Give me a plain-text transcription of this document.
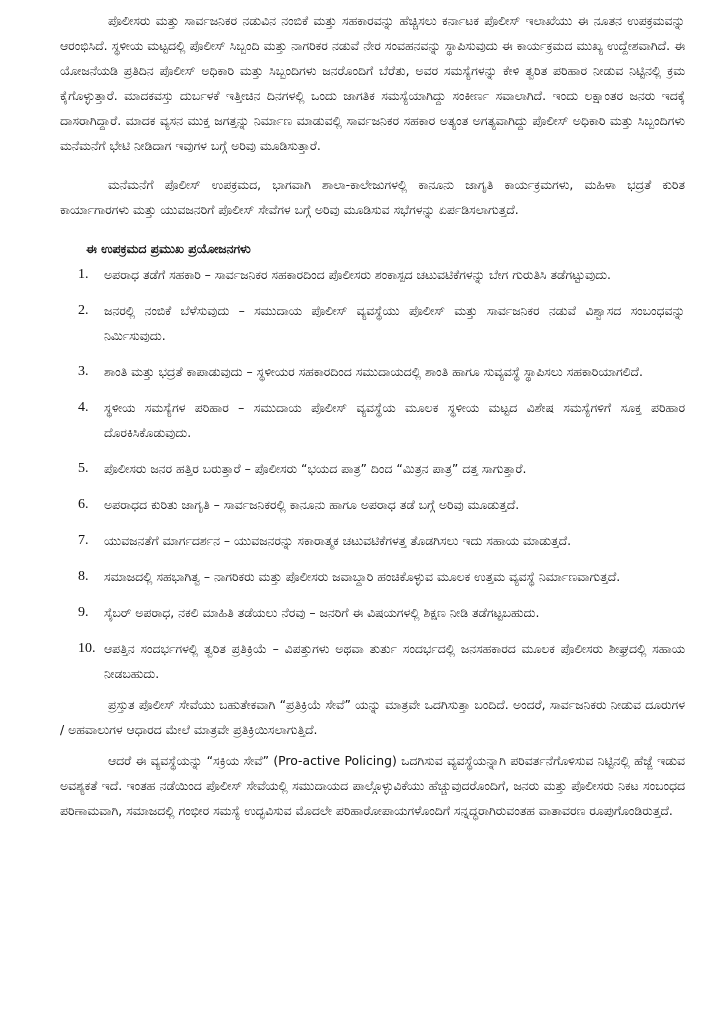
ಪೊಲೀಸರು ಮತ್ತು ಸಾರ್ವಜನಿಕರ ನಡುವಿನ ನಂಬಿಕೆ ಮತ್ತು ಸಹಕಾರವನ್ನು ಹೆಚ್ಚಿಸಲು ಕರ್ನಾಟಕ ಪೊಲೀಸ್ ಇಲಾಖೆಯು ಈ ನೂತನ ಉಪಕ್ರಮವನ್ನು ಆರಂಭಿಸಿದೆ. ಸ್ಥಳೀಯ ಮಟ್ಟದಲ್ಲಿ ಪೊಲೀಸ್ ಸಿಬ್ಬಂದಿ ಮತ್ತು ನಾಗರಿಕರ ನಡುವೆ ನೇರ ಸಂವಹನವನ್ನು ಸ್ಥಾಪಿಸುವುದು ಈ ಕಾರ್ಯಕ್ರಮದ ಮುಖ್ಯ ಉದ್ದೇಶವಾಗಿದೆ. ಈ ಯೋಜನೆಯಡಿ ಪ್ರತಿದಿನ ಪೊಲೀಸ್ ಅಧಿಕಾರಿ ಮತ್ತು ಸಿಬ್ಬಂದಿಗಳು ಜನರೊಂದಿಗೆ ಬೆರೆತು, ಅವರ ಸಮಸ್ಯೆಗಳನ್ನು ಕೇಳಿ ತ್ವರಿತ ಪರಿಹಾರ ನೀಡುವ ನಿಟ್ಟಿನಲ್ಲಿ ಕ್ರಮ ಕೈಗೊಳ್ಳುತ್ತಾರೆ. ಮಾದಕವಸ್ತು ದುರ್ಬಳಕೆ ಇತ್ತೀಚಿನ ದಿನಗಳಲ್ಲಿ ಒಂದು ಜಾಗತಿಕ ಸಮಸ್ಯೆಯಾಗಿದ್ದು ಸಂಕೀರ್ಣ ಸವಾಲಾಗಿದೆ. ಇಂದು ಲಕ್ಷಾಂತರ ಜನರು ಇದಕ್ಕೆ ದಾಸರಾಗಿದ್ದಾರೆ. ಮಾದಕ ವ್ಯಸನ ಮುಕ್ತ ಜಗತ್ತನ್ನು ನಿರ್ಮಾಣ ಮಾಡುವಲ್ಲಿ ಸಾರ್ವಜನಿಕರ ಸಹಕಾರ ಅತ್ಯಂತ ಅಗತ್ಯವಾಗಿದ್ದು ಪೊಲೀಸ್ ಅಧಿಕಾರಿ ಮತ್ತು ಸಿಬ್ಬಂದಿಗಳು ಮನೆಮನೆಗೆ ಭೇಟಿ ನೀಡಿದಾಗ ಇವುಗಳ ಬಗ್ಗೆ ಅರಿವು ಮೂಡಿಸುತ್ತಾರೆ.

ಮನೆಮನೆಗೆ ಪೊಲೀಸ್ ಉಪಕ್ರಮದ, ಭಾಗವಾಗಿ ಶಾಲಾ-ಕಾಲೇಜುಗಳಲ್ಲಿ ಕಾನೂನು ಜಾಗೃತಿ ಕಾರ್ಯಕ್ರಮಗಳು, ಮಹಿಳಾ ಭದ್ರತೆ ಕುರಿತ ಕಾರ್ಯಾಗಾರಗಳು ಮತ್ತು ಯುವಜನರಿಗೆ ಪೊಲೀಸ್ ಸೇವೆಗಳ ಬಗ್ಗೆ ಅರಿವು ಮೂಡಿಸುವ ಸಭೆಗಳನ್ನು ಏರ್ಪಡಿಸಲಾಗುತ್ತದೆ.

ಈ ಉಪಕ್ರಮದ ಪ್ರಮುಖ ಪ್ರಯೋಜನಗಳು
1. ಅಪರಾಧ ತಡೆಗೆ ಸಹಕಾರಿ – ಸಾರ್ವಜನಿಕರ ಸಹಕಾರದಿಂದ ಪೊಲೀಸರು ಶಂಕಾಸ್ಪದ ಚಟುವಟಿಕೆಗಳನ್ನು ಬೇಗ ಗುರುತಿಸಿ ತಡೆಗಟ್ಟುವುದು.
2. ಜನರಲ್ಲಿ ನಂಬಿಕೆ ಬೆಳೆಸುವುದು – ಸಮುದಾಯ ಪೊಲೀಸ್ ವ್ಯವಸ್ಥೆಯು ಪೊಲೀಸ್ ಮತ್ತು ಸಾರ್ವಜನಿಕರ ನಡುವೆ ವಿಶ್ವಾಸದ ಸಂಬಂಧವನ್ನು ನಿರ್ಮಿಸುವುದು.
3. ಶಾಂತಿ ಮತ್ತು ಭದ್ರತೆ ಕಾಪಾಡುವುದು – ಸ್ಥಳೀಯರ ಸಹಕಾರದಿಂದ ಸಮುದಾಯದಲ್ಲಿ ಶಾಂತಿ ಹಾಗೂ ಸುವ್ಯವಸ್ಥೆ ಸ್ಥಾಪಿಸಲು ಸಹಕಾರಿಯಾಗಲಿದೆ.
4. ಸ್ಥಳೀಯ ಸಮಸ್ಯೆಗಳ ಪರಿಹಾರ – ಸಮುದಾಯ ಪೊಲೀಸ್ ವ್ಯವಸ್ಥೆಯ ಮೂಲಕ ಸ್ಥಳೀಯ ಮಟ್ಟದ ವಿಶೇಷ ಸಮಸ್ಯೆಗಳಿಗೆ ಸೂಕ್ತ ಪರಿಹಾರ ದೊರಕಿಸಿಕೊಡುವುದು.
5. ಪೊಲೀಸರು ಜನರ ಹತ್ತಿರ ಬರುತ್ತಾರೆ – ಪೊಲೀಸರು “ಭಯದ ಪಾತ್ರ” ದಿಂದ “ಮಿತ್ರನ ಪಾತ್ರ” ದತ್ತ ಸಾಗುತ್ತಾರೆ.
6. ಅಪರಾಧದ ಕುರಿತು ಜಾಗೃತಿ – ಸಾರ್ವಜನಿಕರಲ್ಲಿ ಕಾನೂನು ಹಾಗೂ ಅಪರಾಧ ತಡೆ ಬಗ್ಗೆ ಅರಿವು ಮೂಡುತ್ತದೆ.
7. ಯುವಜನತೆಗೆ ಮಾರ್ಗದರ್ಶನ – ಯುವಜನರನ್ನು ಸಕಾರಾತ್ಮಕ ಚಟುವಟಿಕೆಗಳತ್ತ ತೊಡಗಿಸಲು ಇದು ಸಹಾಯ ಮಾಡುತ್ತದೆ.
8. ಸಮಾಜದಲ್ಲಿ ಸಹಭಾಗಿತ್ವ – ನಾಗರಿಕರು ಮತ್ತು ಪೊಲೀಸರು ಜವಾಬ್ದಾರಿ ಹಂಚಿಕೊಳ್ಳುವ ಮೂಲಕ ಉತ್ತಮ ವ್ಯವಸ್ಥೆ ನಿರ್ಮಾಣವಾಗುತ್ತದೆ.
9. ಸೈಬರ್ ಅಪರಾಧ, ನಕಲಿ ಮಾಹಿತಿ ತಡೆಯಲು ನೆರವು – ಜನರಿಗೆ ಈ ವಿಷಯಗಳಲ್ಲಿ ಶಿಕ್ಷಣ ನೀಡಿ ತಡೆಗಟ್ಟಬಹುದು.
10. ಆಪತ್ತಿನ ಸಂದರ್ಭಗಳಲ್ಲಿ ತ್ವರಿತ ಪ್ರತಿಕ್ರಿಯೆ – ವಿಪತ್ತುಗಳು ಅಥವಾ ತುರ್ತು ಸಂದರ್ಭದಲ್ಲಿ ಜನಸಹಕಾರದ ಮೂಲಕ ಪೊಲೀಸರು ಶೀಘ್ರದಲ್ಲಿ ಸಹಾಯ ನೀಡಬಹುದು.

ಪ್ರಸ್ತುತ ಪೊಲೀಸ್ ಸೇವೆಯು ಬಹುತೇಕವಾಗಿ “ಪ್ರತಿಕ್ರಿಯೆ ಸೇವೆ” ಯನ್ನು ಮಾತ್ರವೇ ಒದಗಿಸುತ್ತಾ ಬಂದಿದೆ. ಅಂದರೆ, ಸಾರ್ವಜನಿಕರು ನೀಡುವ ದೂರುಗಳ / ಅಹವಾಲುಗಳ ಆಧಾರದ ಮೇಲೆ ಮಾತ್ರವೇ ಪ್ರತಿಕ್ರಿಯಿಸಲಾಗುತ್ತಿದೆ.

ಆದರೆ ಈ ವ್ಯವಸ್ಥೆಯನ್ನು “ಸಕ್ರಿಯ ಸೇವೆ” (Pro-active Policing) ಒದಗಿಸುವ ವ್ಯವಸ್ಥೆಯನ್ನಾಗಿ ಪರಿವರ್ತನೆಗೊಳಿಸುವ ನಿಟ್ಟಿನಲ್ಲಿ ಹೆಜ್ಜೆ ಇಡುವ ಅವಶ್ಯಕತೆ ಇದೆ. ಇಂತಹ ನಡೆಯಿಂದ ಪೊಲೀಸ್ ಸೇವೆಯಲ್ಲಿ ಸಮುದಾಯದ ಪಾಲ್ಗೊಳ್ಳುವಿಕೆಯು ಹೆಚ್ಚುವುದರೊಂದಿಗೆ, ಜನರು ಮತ್ತು ಪೊಲೀಸರು ನಿಕಟ ಸಂಬಂಧದ ಪರಿಣಾಮವಾಗಿ, ಸಮಾಜದಲ್ಲಿ ಗಂಭೀರ ಸಮಸ್ಯೆ ಉದ್ಭವಿಸುವ ಮೊದಲೇ ಪರಿಹಾರೋಪಾಯಗಳೊಂದಿಗೆ ಸನ್ನದ್ಧರಾಗಿರುವಂತಹ ವಾತಾವರಣ ರೂಪುಗೊಂಡಿರುತ್ತದೆ.
